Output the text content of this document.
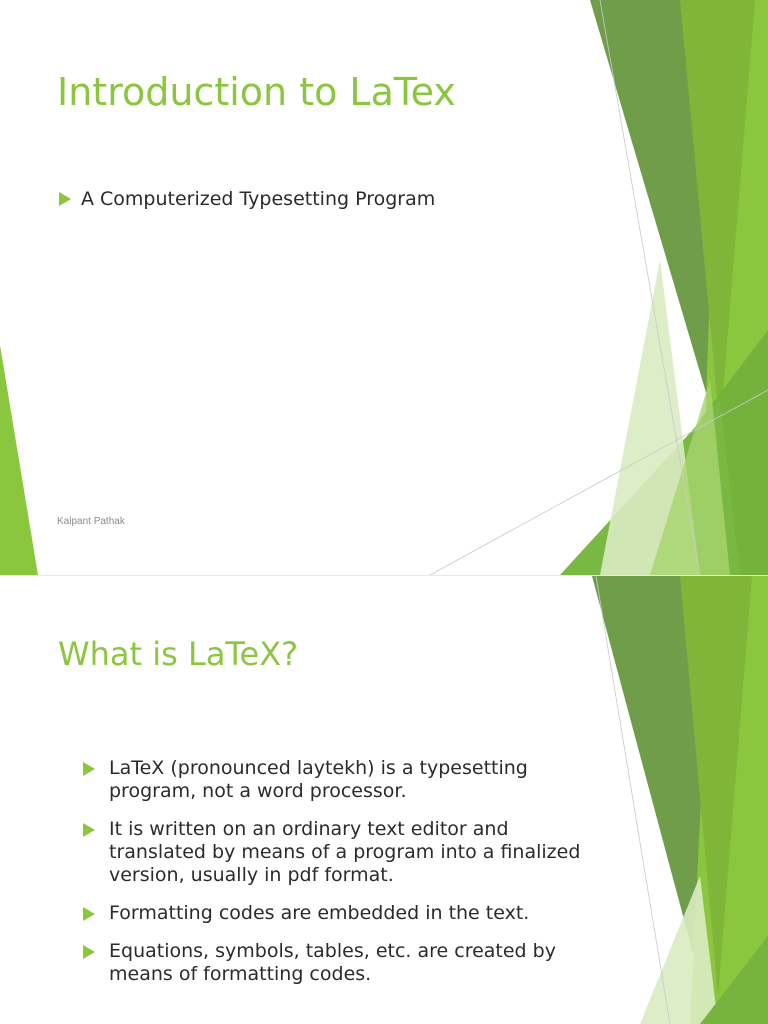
Introduction to LaTex
A Computerized Typesetting Program
Kalpant Pathak
What is LaTeX?
LaTeX (pronounced laytekh) is a typesetting program, not a word processor.
It is written on an ordinary text editor and translated by means of a program into a finalized version, usually in pdf format.
Formatting codes are embedded in the text.
Equations, symbols, tables, etc. are created by means of formatting codes.
